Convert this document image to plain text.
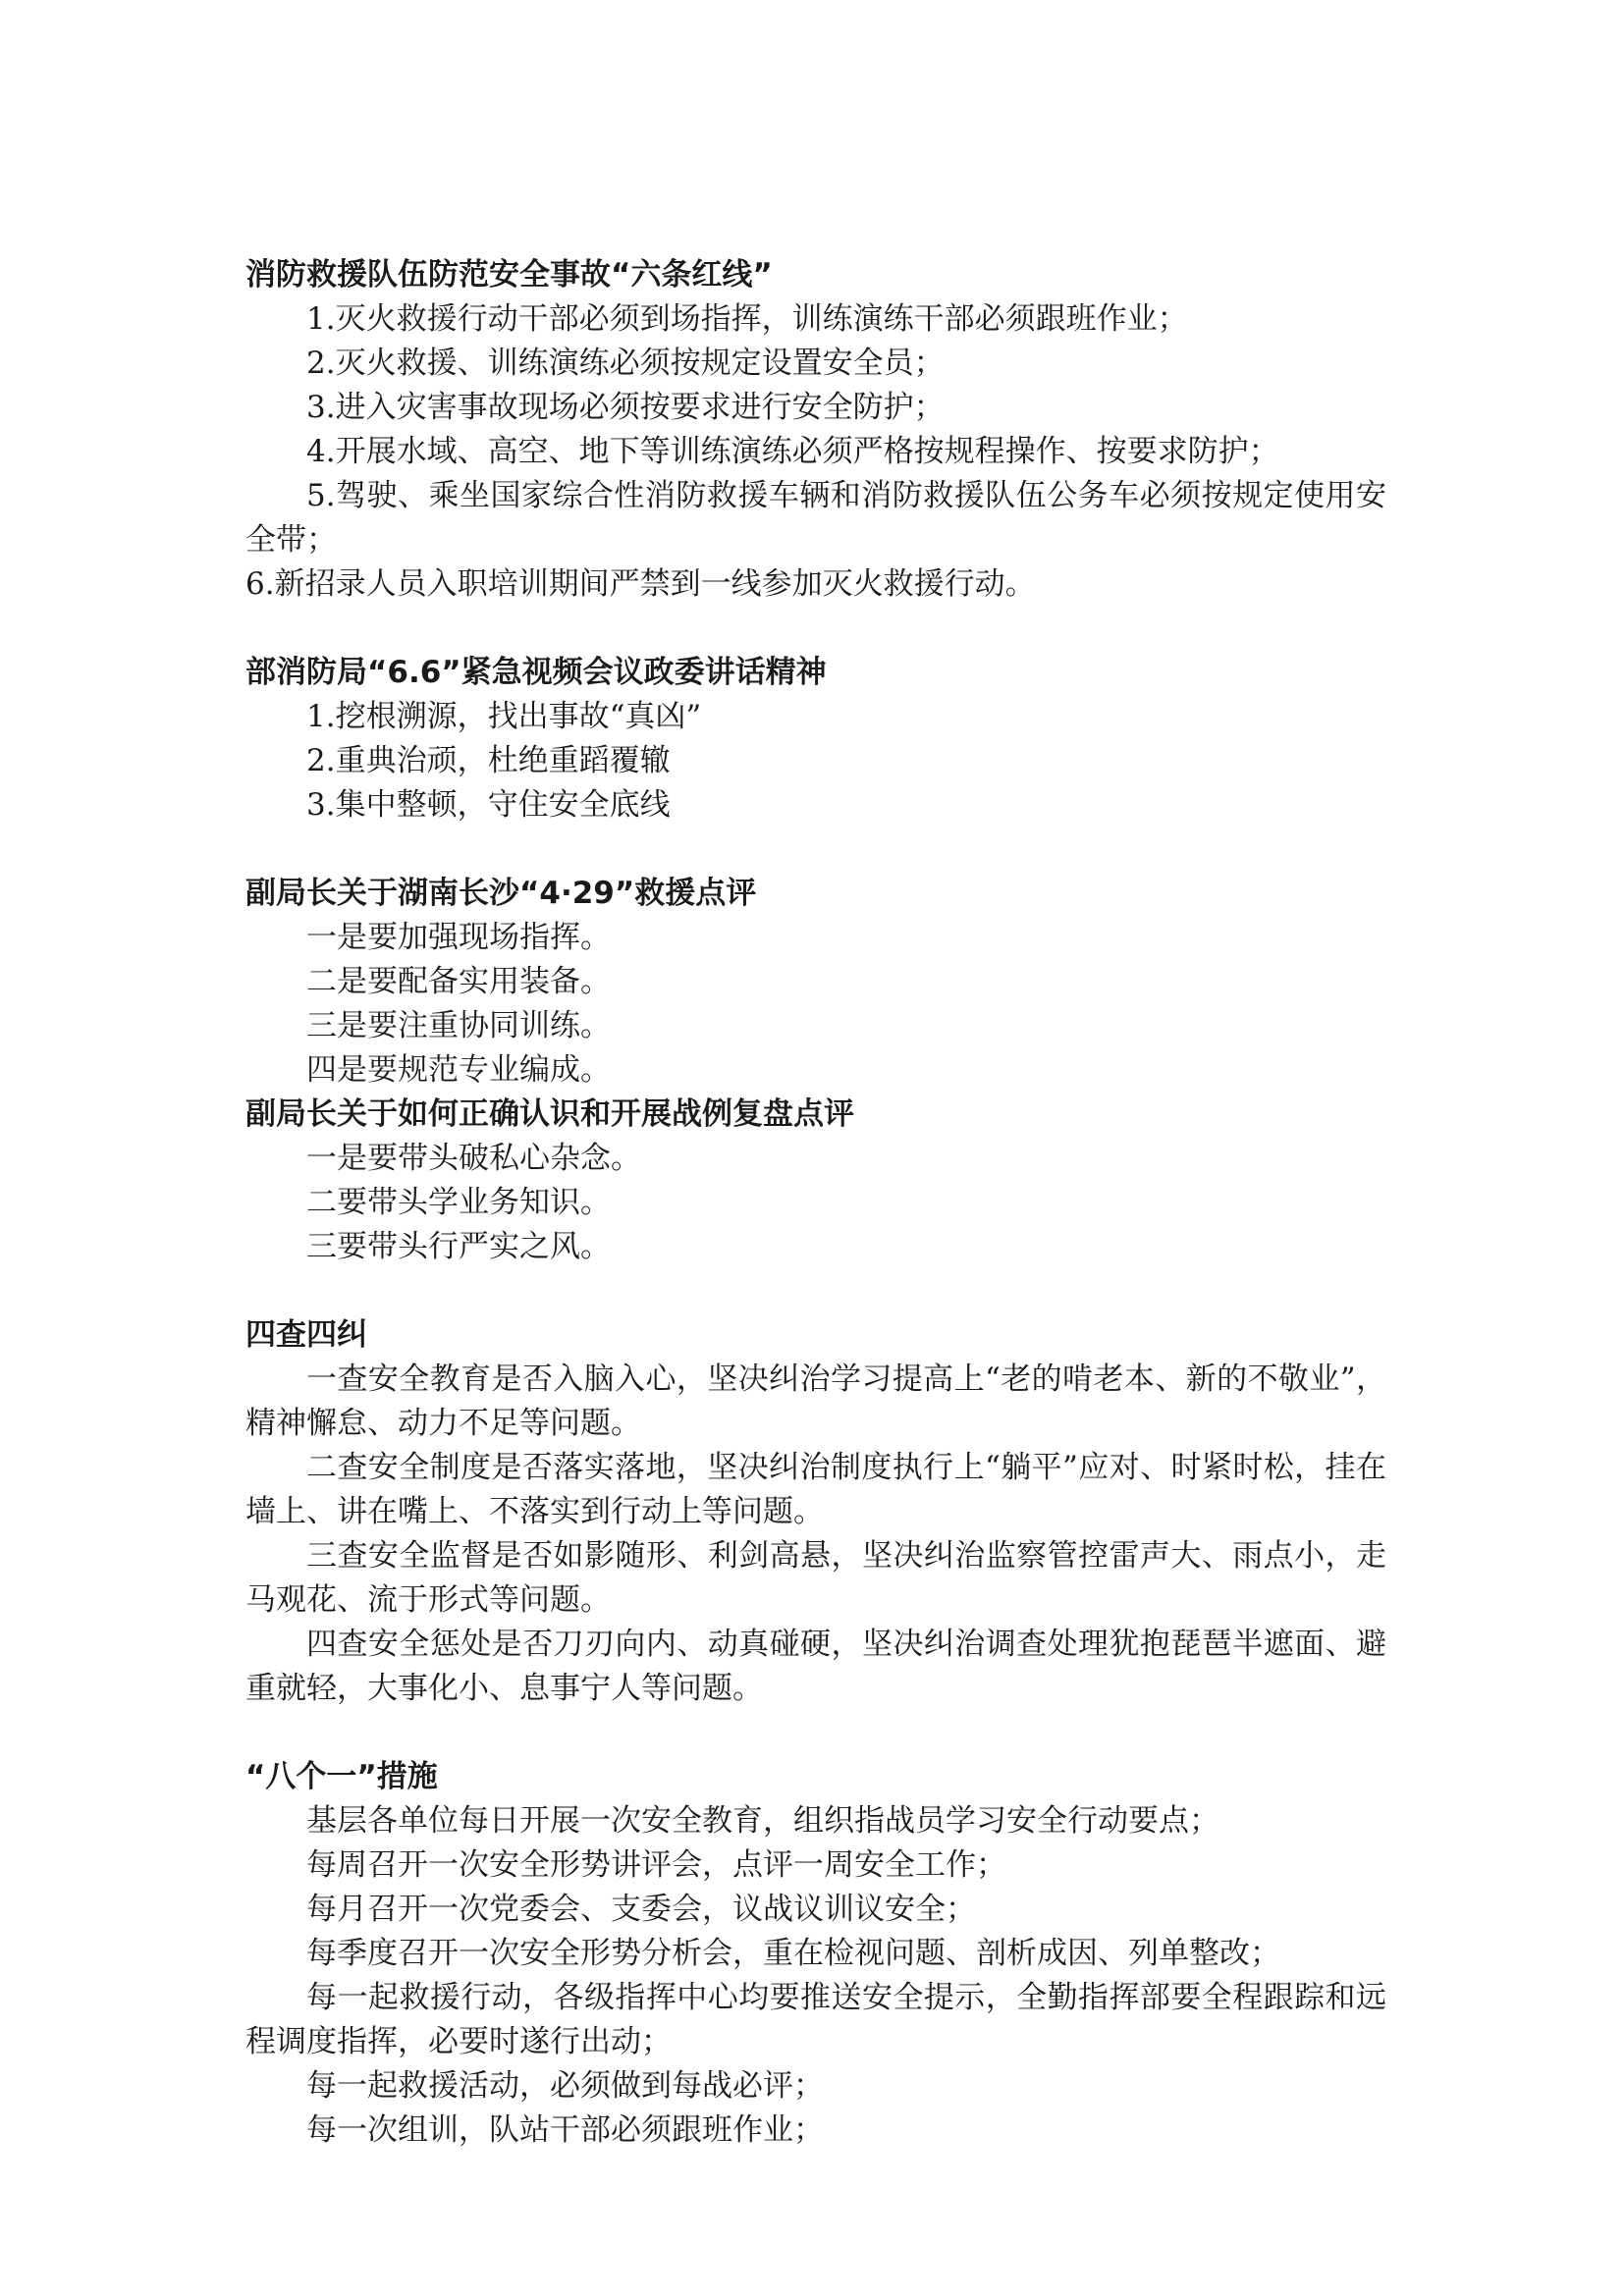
消防救援队伍防范安全事故“六条红线”

1.灭火救援行动干部必须到场指挥，训练演练干部必须跟班作业；

2.灭火救援、训练演练必须按规定设置安全员；

3.进入灾害事故现场必须按要求进行安全防护；

4.开展水域、高空、地下等训练演练必须严格按规程操作、按要求防护；

5.驾驶、乘坐国家综合性消防救援车辆和消防救援队伍公务车必须按规定使用安全带；

6.新招录人员入职培训期间严禁到一线参加灭火救援行动。

部消防局“6.6”紧急视频会议政委讲话精神

1.挖根溯源，找出事故“真凶”

2.重典治顽，杜绝重蹈覆辙

3.集中整顿，守住安全底线

副局长关于湖南长沙“4·29”救援点评

一是要加强现场指挥。

二是要配备实用装备。

三是要注重协同训练。

四是要规范专业编成。

副局长关于如何正确认识和开展战例复盘点评

一是要带头破私心杂念。

二要带头学业务知识。

三要带头行严实之风。

四查四纠

一查安全教育是否入脑入心，坚决纠治学习提高上“老的啃老本、新的不敬业”，精神懈怠、动力不足等问题。

二查安全制度是否落实落地，坚决纠治制度执行上“躺平”应对、时紧时松，挂在墙上、讲在嘴上、不落实到行动上等问题。

三查安全监督是否如影随形、利剑高悬，坚决纠治监察管控雷声大、雨点小，走马观花、流于形式等问题。

四查安全惩处是否刀刃向内、动真碰硬，坚决纠治调查处理犹抱琵琶半遮面、避重就轻，大事化小、息事宁人等问题。

“八个一”措施

基层各单位每日开展一次安全教育，组织指战员学习安全行动要点；

每周召开一次安全形势讲评会，点评一周安全工作；

每月召开一次党委会、支委会，议战议训议安全；

每季度召开一次安全形势分析会，重在检视问题、剖析成因、列单整改；

每一起救援行动，各级指挥中心均要推送安全提示，全勤指挥部要全程跟踪和远程调度指挥，必要时遂行出动；

每一起救援活动，必须做到每战必评；

每一次组训，队站干部必须跟班作业；
